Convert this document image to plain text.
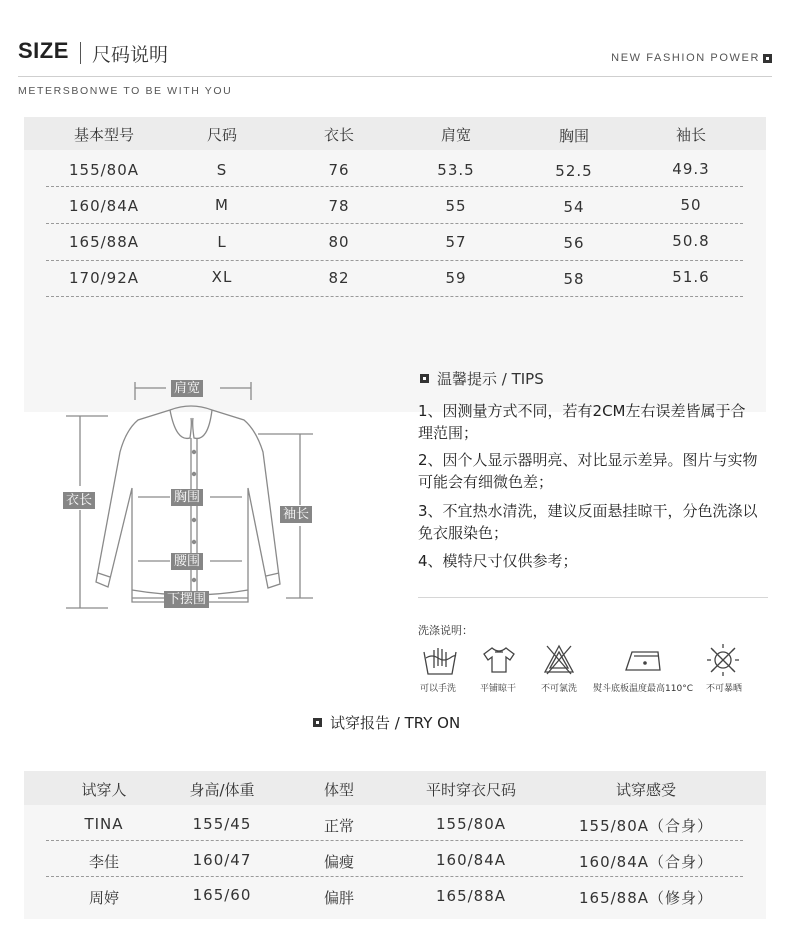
SIZE 尺码说明	NEW FASHION POWER
METERSBONWE TO BE WITH YOU
基本型号	尺码	衣长	肩宽	胸围	袖长
155/80A	S	76	53.5	52.5	49.3
160/84A	M	78	55	54	50
165/88A	L	80	57	56	50.8
170/92A	XL	82	59	58	51.6
肩宽
衣长	胸围
袖长
腰围
下摆围
温馨提示 / TIPS
1、因测量方式不同，若有2CM左右误差皆属于合理范围；
2、因个人显示器明亮、对比显示差异。图片与实物可能会有细微色差；
3、不宜热水清洗，建议反面悬挂晾干，分色洗涤以免衣服染色；
4、模特尺寸仅供参考；
洗涤说明：
可以手洗	平铺晾干	不可氯洗 熨斗底板温度最高110°C 不可暴晒
试穿报告 / TRY ON
试穿人	身高/体重	体型	平时穿衣尺码	试穿感受
TINA	155/45	正常	155/80A	155/80A（合身）
李佳	160/47	偏瘦	160/84A	160/84A（合身）
周婷	165/60	偏胖	165/88A	165/88A（修身）
